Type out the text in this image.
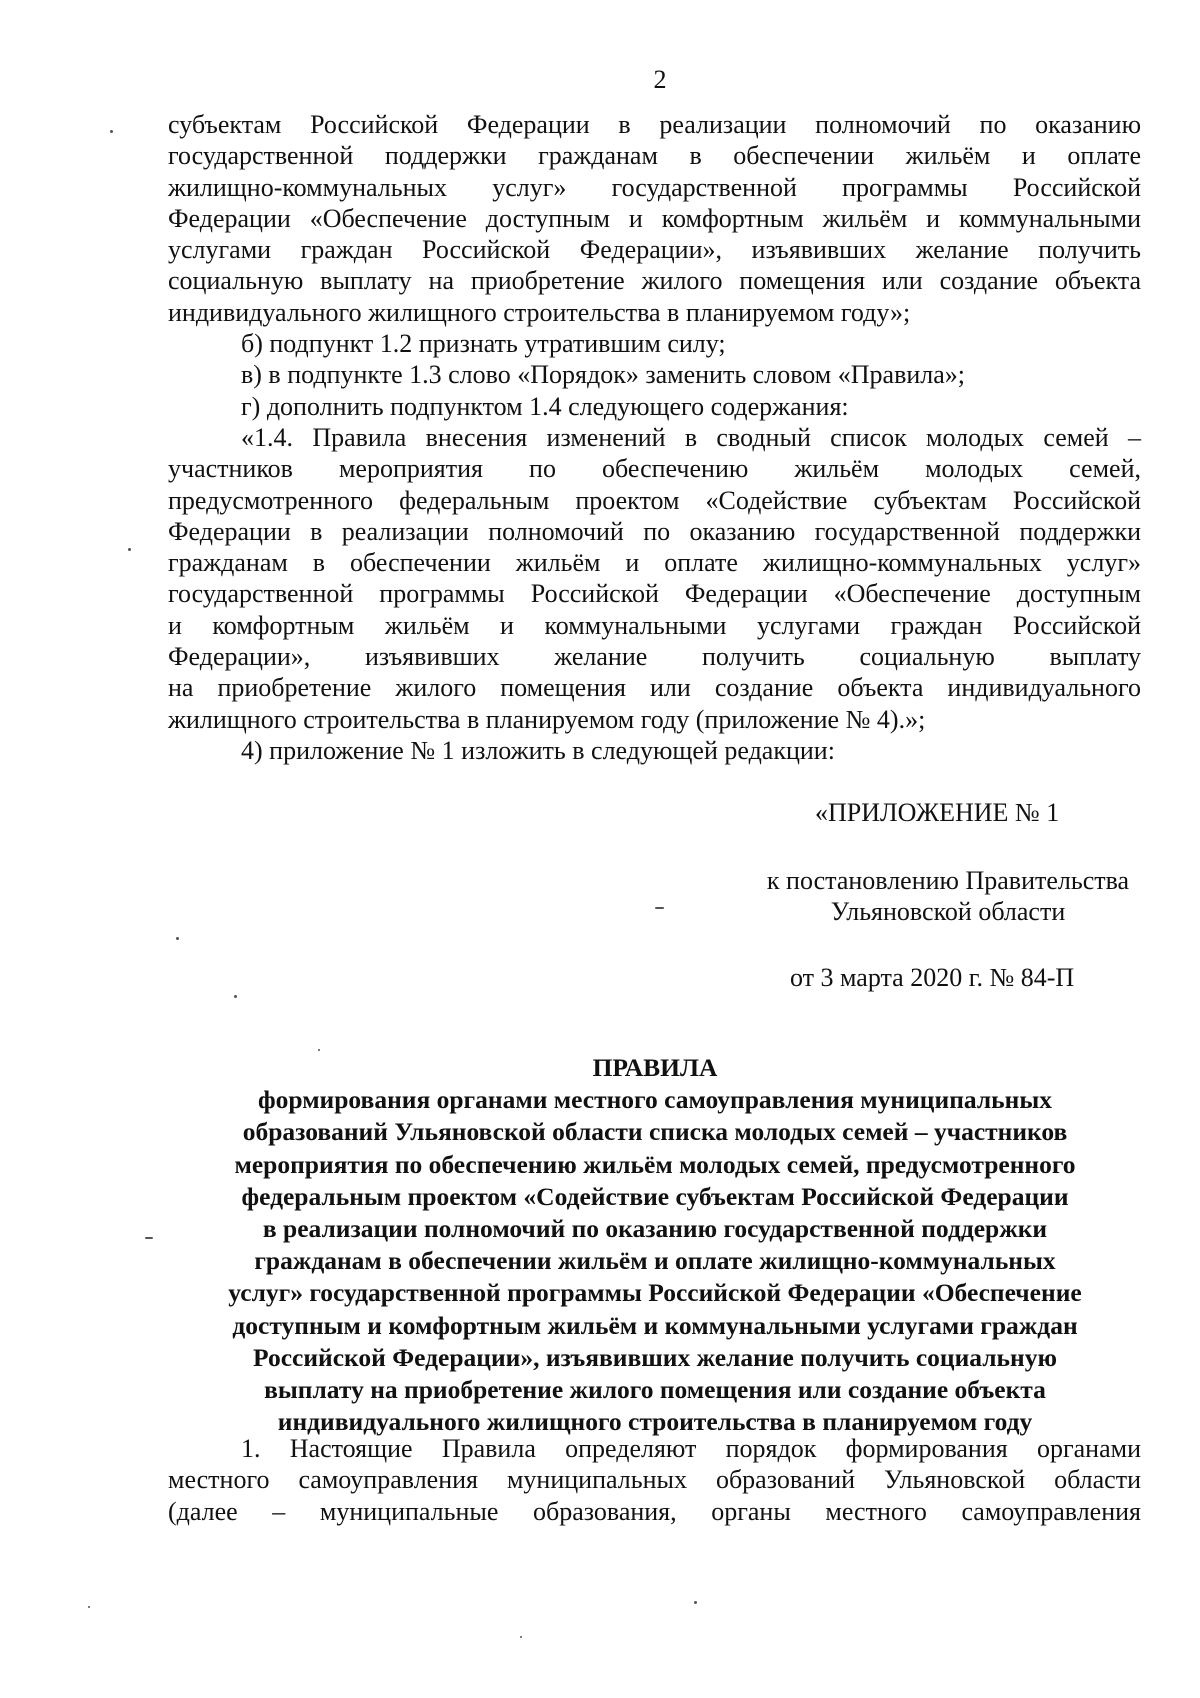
2
субъектам Российской Федерации в реализации полномочий по оказанию
государственной поддержки гражданам в обеспечении жильём и оплате
жилищно-коммунальных услуг» государственной программы Российской
Федерации «Обеспечение доступным и комфортным жильём и коммунальными
услугами граждан Российской Федерации», изъявивших желание получить
социальную выплату на приобретение жилого помещения или создание объекта
индивидуального жилищного строительства в планируемом году»;
б) подпункт 1.2 признать утратившим силу;
в) в подпункте 1.3 слово «Порядок» заменить словом «Правила»;
г) дополнить подпунктом 1.4 следующего содержания:
«1.4. Правила внесения изменений в сводный список молодых семей –
участников мероприятия по обеспечению жильём молодых семей,
предусмотренного федеральным проектом «Содействие субъектам Российской
Федерации в реализации полномочий по оказанию государственной поддержки
гражданам в обеспечении жильём и оплате жилищно-коммунальных услуг»
государственной программы Российской Федерации «Обеспечение доступным
и комфортным жильём и коммунальными услугами граждан Российской
Федерации», изъявивших желание получить социальную выплату
на приобретение жилого помещения или создание объекта индивидуального
жилищного строительства в планируемом году (приложение № 4).»;
4) приложение № 1 изложить в следующей редакции:
«ПРИЛОЖЕНИЕ № 1
к постановлению Правительства
Ульяновской области
от 3 марта 2020 г. № 84-П
ПРАВИЛА
формирования органами местного самоуправления муниципальных
образований Ульяновской области списка молодых семей – участников
мероприятия по обеспечению жильём молодых семей, предусмотренного
федеральным проектом «Содействие субъектам Российской Федерации
в реализации полномочий по оказанию государственной поддержки
гражданам в обеспечении жильём и оплате жилищно-коммунальных
услуг» государственной программы Российской Федерации «Обеспечение
доступным и комфортным жильём и коммунальными услугами граждан
Российской Федерации», изъявивших желание получить социальную
выплату на приобретение жилого помещения или создание объекта
индивидуального жилищного строительства в планируемом году
1. Настоящие Правила определяют порядок формирования органами
местного самоуправления муниципальных образований Ульяновской области
(далее – муниципальные образования, органы местного самоуправления
